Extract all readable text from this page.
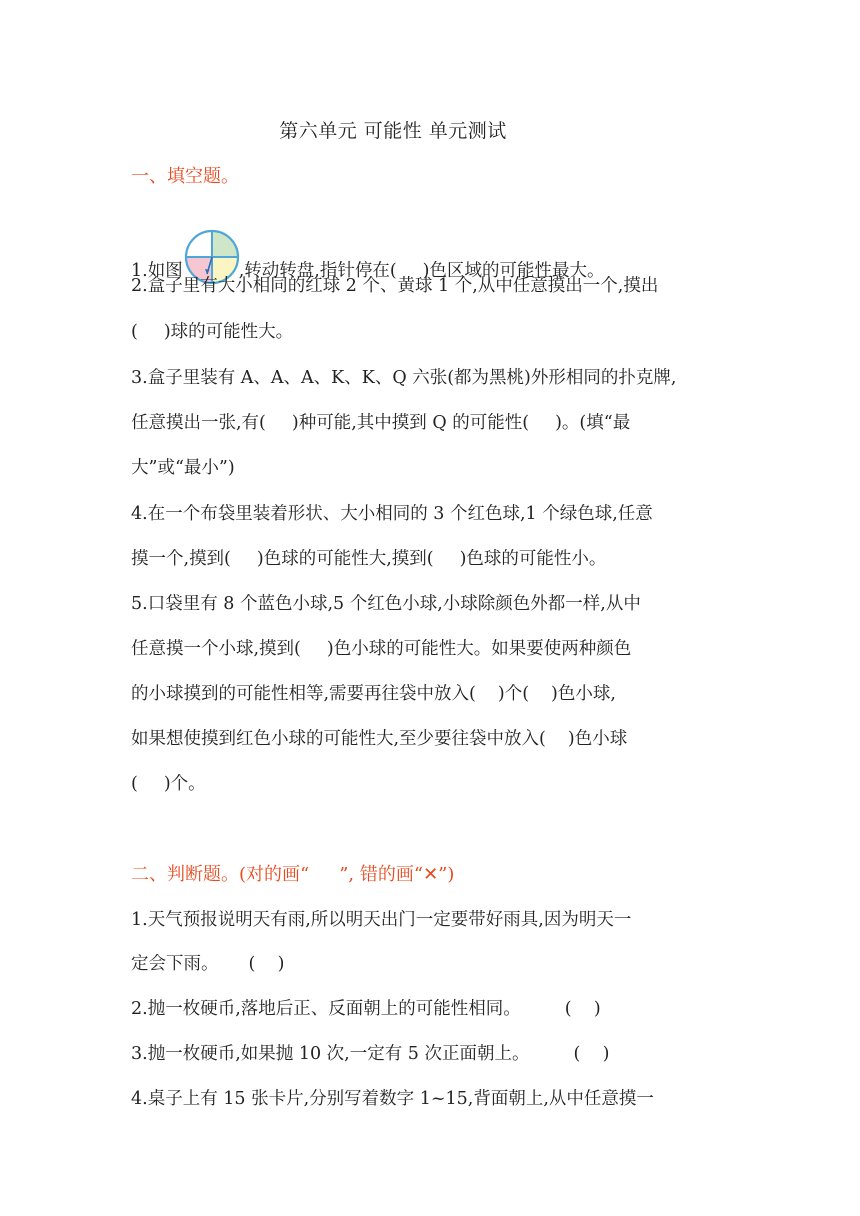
第六单元 可能性 单元测试
一、填空题。
1.如图	,转动转盘,指针停在( )色区域的可能性最大。
2.盒子里有大小相同的红球 2 个、黄球 1 个,从中任意摸出一个,摸出
( )球的可能性大。
3.盒子里装有 A、A、A、K、K、Q 六张(都为黑桃)外形相同的扑克牌,
任意摸出一张,有( )种可能,其中摸到 Q 的可能性( )。(填“最
大”或“最小”)
4.在一个布袋里装着形状、大小相同的 3 个红色球,1 个绿色球,任意
摸一个,摸到( )色球的可能性大,摸到( )色球的可能性小。
5.口袋里有 8 个蓝色小球,5 个红色小球,小球除颜色外都一样,从中
任意摸一个小球,摸到( )色小球的可能性大。如果要使两种颜色
的小球摸到的可能性相等,需要再往袋中放入( )个( )色小球,
如果想使摸到红色小球的可能性大,至少要往袋中放入( )色小球
( )个。
二、判断题。(对的画“ ”, 错的画“✕”)
1.天气预报说明天有雨,所以明天出门一定要带好雨具,因为明天一
定会下雨。 (    )
2.抛一枚硬币,落地后正、反面朝上的可能性相同。	(    )
3.抛一枚硬币,如果抛 10 次,一定有 5 次正面朝上。	(    )
4.桌子上有 15 张卡片,分别写着数字 1~15,背面朝上,从中任意摸一
